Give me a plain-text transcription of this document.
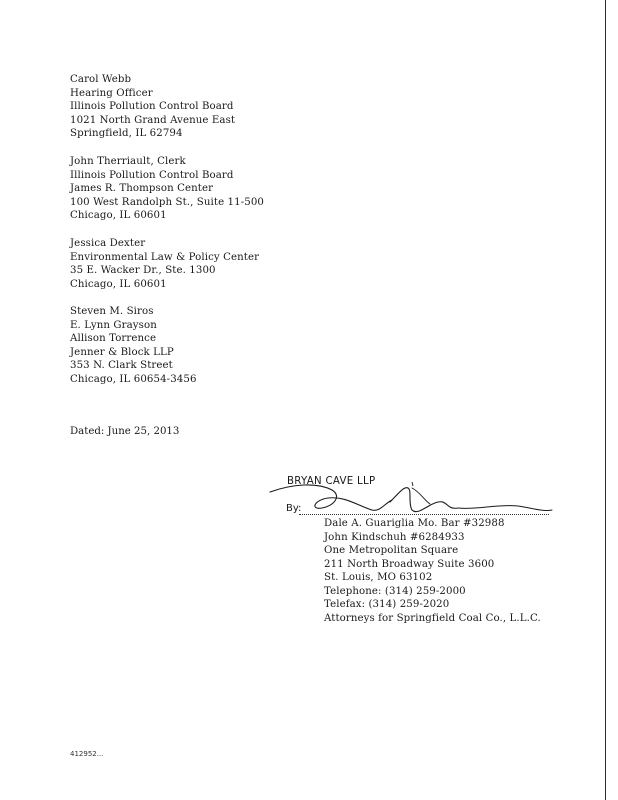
Carol Webb
Hearing Officer
Illinois Pollution Control Board
1021 North Grand Avenue East
Springfield, IL 62794
John Therriault, Clerk
Illinois Pollution Control Board
James R. Thompson Center
100 West Randolph St., Suite 11-500
Chicago, IL 60601
Jessica Dexter
Environmental Law & Policy Center
35 E. Wacker Dr., Ste. 1300
Chicago, IL 60601
Steven M. Siros
E. Lynn Grayson
Allison Torrence
Jenner & Block LLP
353 N. Clark Street
Chicago, IL 60654-3456
Dated: June 25, 2013
BRYAN CAVE LLP
By:
Dale A. Guariglia Mo. Bar #32988
John Kindschuh #6284933
One Metropolitan Square
211 North Broadway Suite 3600
St. Louis, MO 63102
Telephone: (314) 259-2000
Telefax: (314) 259-2020
Attorneys for Springfield Coal Co., L.L.C.
412952...
